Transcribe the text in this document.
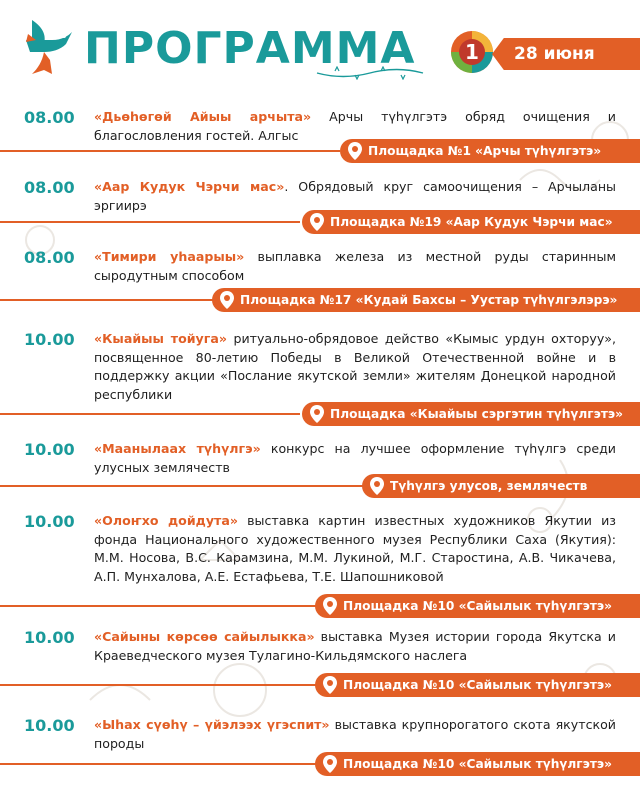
ПРОГРАММА	1	28 июня
08.00 «Дьөһөгөй Айыы арчыта» Арчы түһүлгэтэ обряд очищения и благословления гостей. Алгыс
Площадка №1 «Арчы түһүлгэтэ»
08.00 «Аар Кудук Чэрчи мас». Обрядовый круг самоочищения – Арчыланы эргиирэ
Площадка №19 «Аар Кудук Чэрчи мас»
08.00 «Тимири уһаарыы» выплавка железа из местной руды старинным сыродутным способом
Площадка №17 «Кудай Бахсы – Уустар түһүлгэлэрэ»
10.00 «Кыайыы тойуга» ритуально-обрядовое действо «Кымыс урдун охторуу», посвященное 80-летию Победы в Великой Отечественной войне и в поддержку акции «Послание якутской земли» жителям Донецкой народной республики
Площадка «Кыайыы сэргэтин түһүлгэтэ»
10.00 «Маанылаах түһүлгэ» конкурс на лучшее оформление түһүлгэ среди улусных землячеств
Түһүлгэ улусов, землячеств
10.00 «Олоҥхо дойдута» выставка картин известных художников Якутии из фонда Национального художественного музея Республики Саха (Якутия): М.М. Носова, В.С. Карамзина, М.М. Лукиной, М.Г. Старостина, А.В. Чикачева, А.П. Мунхалова, А.Е. Естафьева, Т.Е. Шапошниковой
Площадка №10 «Сайылык түһүлгэтэ»
10.00 «Сайыны көрсөө сайылыкка» выставка Музея истории города Якутска и Краеведческого музея Тулагино-Кильдямского наслега
Площадка №10 «Сайылык түһүлгэтэ»
10.00 «Ыһах сүөһү – үйэлээх үгэспит» выставка крупнорогатого скота якутской породы
Площадка №10 «Сайылык түһүлгэтэ»
